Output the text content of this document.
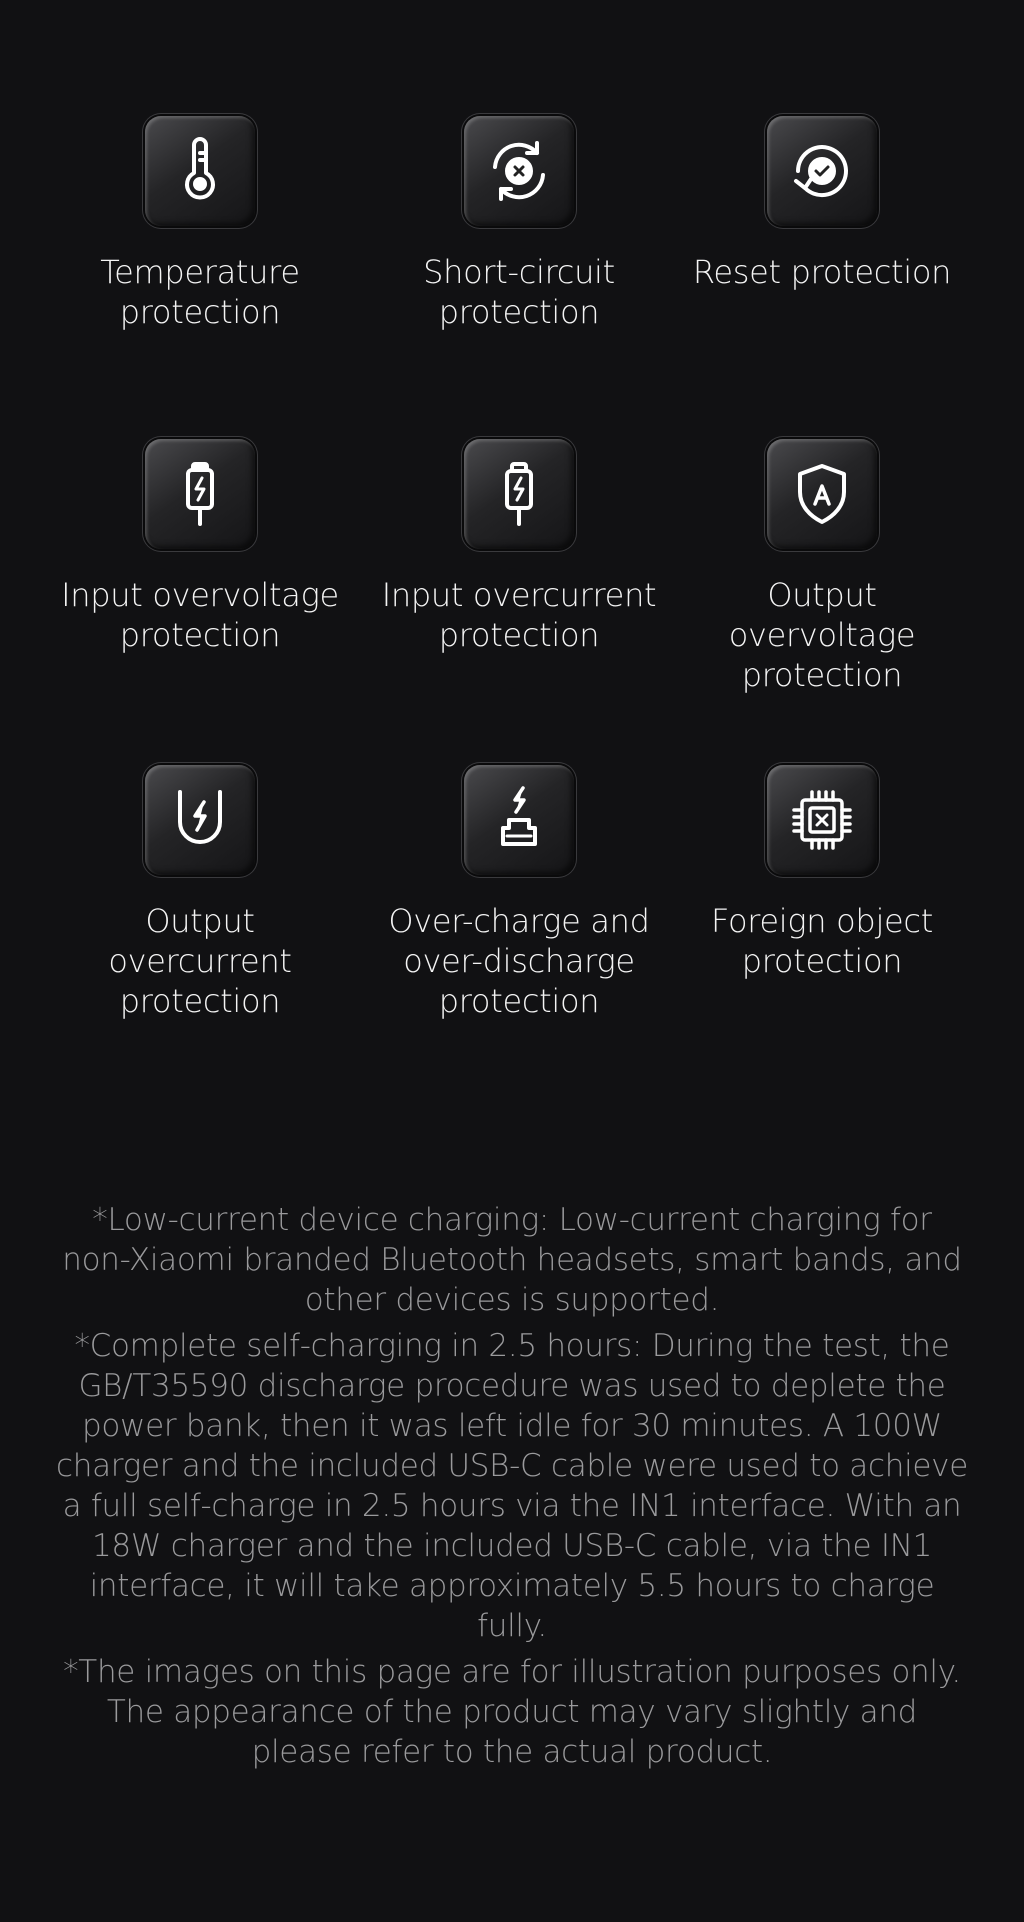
Temperature
protection

Short-circuit
protection

Reset protection

Input overvoltage
protection

Input overcurrent
protection

Output
overvoltage
protection

Output
overcurrent
protection

Over-charge and
over-discharge
protection

Foreign object
protection

*Low-current device charging: Low-current charging for non-Xiaomi branded Bluetooth headsets, smart bands, and other devices is supported.

*Complete self-charging in 2.5 hours: During the test, the GB/T35590 discharge procedure was used to deplete the power bank, then it was left idle for 30 minutes. A 100W charger and the included USB-C cable were used to achieve a full self-charge in 2.5 hours via the IN1 interface. With an 18W charger and the included USB-C cable, via the IN1 interface, it will take approximately 5.5 hours to charge fully.

*The images on this page are for illustration purposes only. The appearance of the product may vary slightly and please refer to the actual product.
